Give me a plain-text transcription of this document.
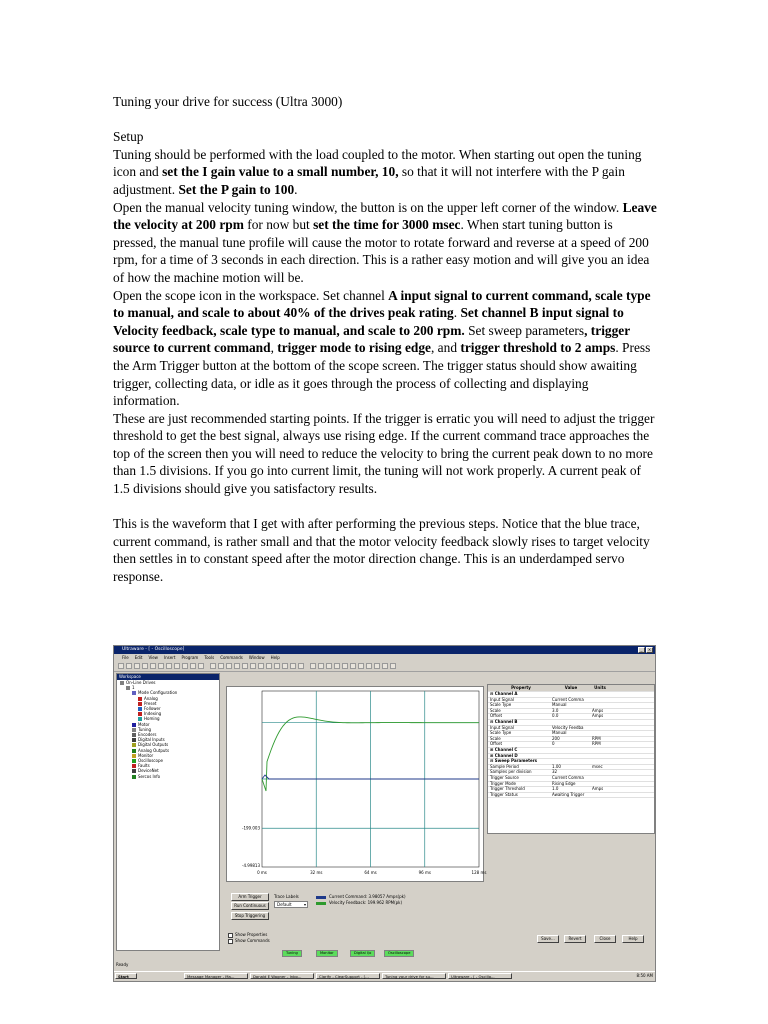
Tuning your drive for success (Ultra 3000)

Setup

Tuning should be performed with the load coupled to the motor. When starting out open the tuning icon and set the I gain value to a small number, 10, so that it will not interfere with the P gain adjustment. Set the P gain to 100.

Open the manual velocity tuning window, the button is on the upper left corner of the window. Leave the velocity at 200 rpm for now but set the time for 3000 msec. When start tuning button is pressed, the manual tune profile will cause the motor to rotate forward and reverse at a speed of 200 rpm, for a time of 3 seconds in each direction. This is a rather easy motion and will give you an idea of how the machine motion will be.

Open the scope icon in the workspace. Set channel A input signal to current command, scale type to manual, and scale to about 40% of the drives peak rating. Set channel B input signal to Velocity feedback, scale type to manual, and scale to 200 rpm. Set sweep parameters, trigger source to current command, trigger mode to rising edge, and trigger threshold to 2 amps. Press the Arm Trigger button at the bottom of the scope screen. The trigger status should show awaiting trigger, collecting data, or idle as it goes through the process of collecting and displaying information.

These are just recommended starting points. If the trigger is erratic you will need to adjust the trigger threshold to get the best signal, always use rising edge. If the current command trace approaches the top of the screen then you will need to reduce the velocity to bring the current peak down to no more than 1.5 divisions. If you go into current limit, the tuning will not work properly. A current peak of 1.5 divisions should give you satisfactory results.

This is the waveform that I get with after performing the previous steps. Notice that the blue trace, current command, is rather small and that the motor velocity feedback slowly rises to target velocity then settles in to constant speed after the motor direction change. This is an underdamped servo response.

Ultraware - [ - Oscilloscope]	_	×
File Edit View Insert Program Tools Commands Window Help
Workspace
On-Line Drives
1
Mode Configuration
Analog
Preset
Follower
Indexing
Homing
Motor
Tuning
Encoders
Digital Inputs
Digital Outputs
Analog Outputs
Monitor
Oscilloscope
Faults
DeviceNet
Sercos Info
-199.003
-4.99813
0 ms	32 ms	64 ms	96 ms	128 ms
Property	Value	Units
⊟ Channel A
Input Signal	Current Comma
Scale Type	Manual
Scale	3.0	Amps
Offset	0.0	Amps
⊟ Channel B
Input Signal	Velocity Feedba
Scale Type	Manual
Scale	200	RPM
Offset	0	RPM
⊞ Channel C
⊞ Channel D
⊟ Sweep Parameters
Sample Period	1.00	msec
Samples per division	32
Trigger Source	Current Comma
Trigger Mode	Rising Edge
Trigger Threshold	1.0	Amps
Trigger Status	Awaiting Trigger
Arm Trigger
Run Continuous
Stop Triggering
Trace Labels
Default	▾
Current Command: 3.98057 Amps(pk)
Velocity Feedback: 199.962 RPM(pk)
Show Properties
Show Commands	Save...	Revert	Close	Help
Tuning	Monitor	Digital I/o	Oscilloscope
Ready
Start	Message Manager - Ma...	Donald E Wagner - Inbo...	Clarify - ClearSupport - [...	Tuning your drive for su...	Ultraware - [ - Oscillo...	8:50 AM
